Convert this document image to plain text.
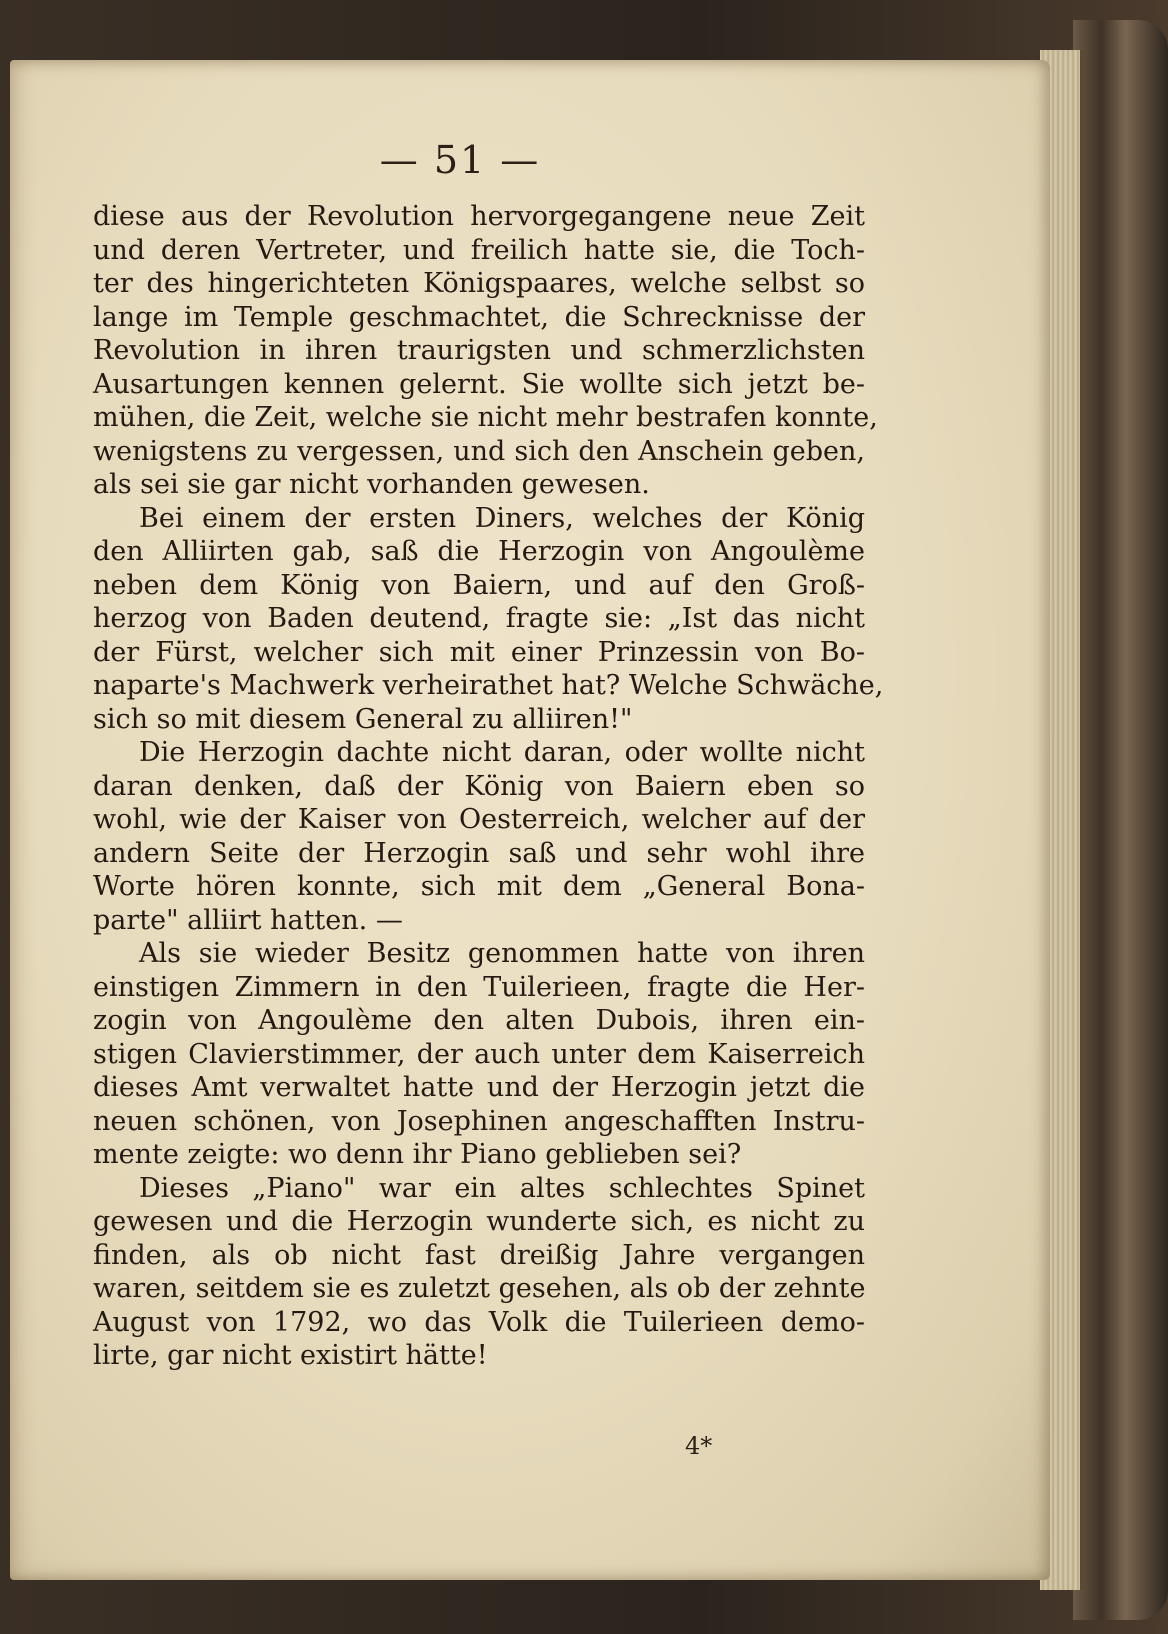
— 51 —
diese aus der Revolution hervorgegangene neue Zeit
und deren Vertreter, und freilich hatte sie, die Toch-
ter des hingerichteten Königspaares, welche selbst so
lange im Temple geschmachtet, die Schrecknisse der
Revolution in ihren traurigsten und schmerzlichsten
Ausartungen kennen gelernt. Sie wollte sich jetzt be-
mühen, die Zeit, welche sie nicht mehr bestrafen konnte,
wenigstens zu vergessen, und sich den Anschein geben,
als sei sie gar nicht vorhanden gewesen.
Bei einem der ersten Diners, welches der König
den Alliirten gab, saß die Herzogin von Angoulème
neben dem König von Baiern, und auf den Groß-
herzog von Baden deutend, fragte sie: „Ist das nicht
der Fürst, welcher sich mit einer Prinzessin von Bo-
naparte's Machwerk verheirathet hat? Welche Schwäche,
sich so mit diesem General zu alliiren!"
Die Herzogin dachte nicht daran, oder wollte nicht
daran denken, daß der König von Baiern eben so
wohl, wie der Kaiser von Oesterreich, welcher auf der
andern Seite der Herzogin saß und sehr wohl ihre
Worte hören konnte, sich mit dem „General Bona-
parte" alliirt hatten. —
Als sie wieder Besitz genommen hatte von ihren
einstigen Zimmern in den Tuilerieen, fragte die Her-
zogin von Angoulème den alten Dubois, ihren ein-
stigen Clavierstimmer, der auch unter dem Kaiserreich
dieses Amt verwaltet hatte und der Herzogin jetzt die
neuen schönen, von Josephinen angeschafften Instru-
mente zeigte: wo denn ihr Piano geblieben sei?
Dieses „Piano" war ein altes schlechtes Spinet
gewesen und die Herzogin wunderte sich, es nicht zu
finden, als ob nicht fast dreißig Jahre vergangen
waren, seitdem sie es zuletzt gesehen, als ob der zehnte
August von 1792, wo das Volk die Tuilerieen demo-
lirte, gar nicht existirt hätte!
4*
